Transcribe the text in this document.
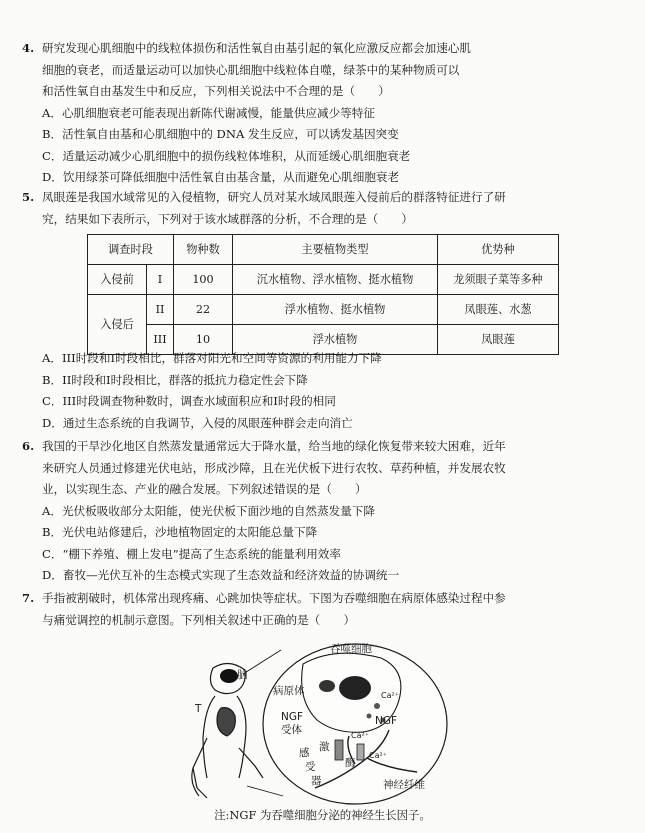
4. 研究发现心肌细胞中的线粒体损伤和活性氧自由基引起的氧化应激反应都会加速心肌
细胞的衰老，而适量运动可以加快心肌细胞中线粒体自噬，绿茶中的某种物质可以
和活性氧自由基发生中和反应，下列相关说法中不合理的是（　　）
A．心肌细胞衰老可能表现出新陈代谢减慢，能量供应减少等特征
B．活性氧自由基和心肌细胞中的 DNA 发生反应，可以诱发基因突变
C．适量运动减少心肌细胞中的损伤线粒体堆积，从而延缓心肌细胞衰老
D．饮用绿茶可降低细胞中活性氧自由基含量，从而避免心肌细胞衰老
5. 凤眼莲是我国水域常见的入侵植物，研究人员对某水域凤眼莲入侵前后的群落特征进行了研
究，结果如下表所示，下列对于该水域群落的分析，不合理的是（　　）
调查时段		物种数	主要植物类型	优势种
入侵前	I	100	沉水植物、浮水植物、挺水植物	龙须眼子菜等多种
入侵后	II	22	浮水植物、挺水植物	凤眼莲、水葱
	III	10	浮水植物	凤眼莲
A．III时段和I时段相比，群落对阳光和空间等资源的利用能力下降
B．II时段和I时段相比，群落的抵抗力稳定性会下降
C．III时段调查物种数时，调查水域面积应和I时段的相同
D．通过生态系统的自我调节，入侵的凤眼莲种群会走向消亡
6. 我国的干旱沙化地区自然蒸发量通常远大于降水量，给当地的绿化恢复带来较大困难，近年
来研究人员通过修建光伏电站，形成沙障，且在光伏板下进行农牧、草药种植，并发展农牧
业，以实现生态、产业的融合发展。下列叙述错误的是（　　）
A．光伏板吸收部分太阳能，使光伏板下面沙地的自然蒸发量下降
B．光伏电站修建后，沙地植物固定的太阳能总量下降
C．“棚下养殖、棚上发电”提高了生态系统的能量利用效率
D．畜牧—光伏互补的生态模式实现了生态效益和经济效益的协调统一
7. 手指被割破时，机体常出现疼痛、心跳加快等症状。下图为吞噬细胞在病原体感染过程中参
与痛觉调控的机制示意图。下列相关叙述中正确的是（　　）
脑
T
吞噬细胞
病原体
NGF
受体
NGF
Ca²⁺
Ca²⁺
Ca²⁺
激
酶
感
受
器	神经纤维
注:NGF 为吞噬细胞分泌的神经生长因子。
